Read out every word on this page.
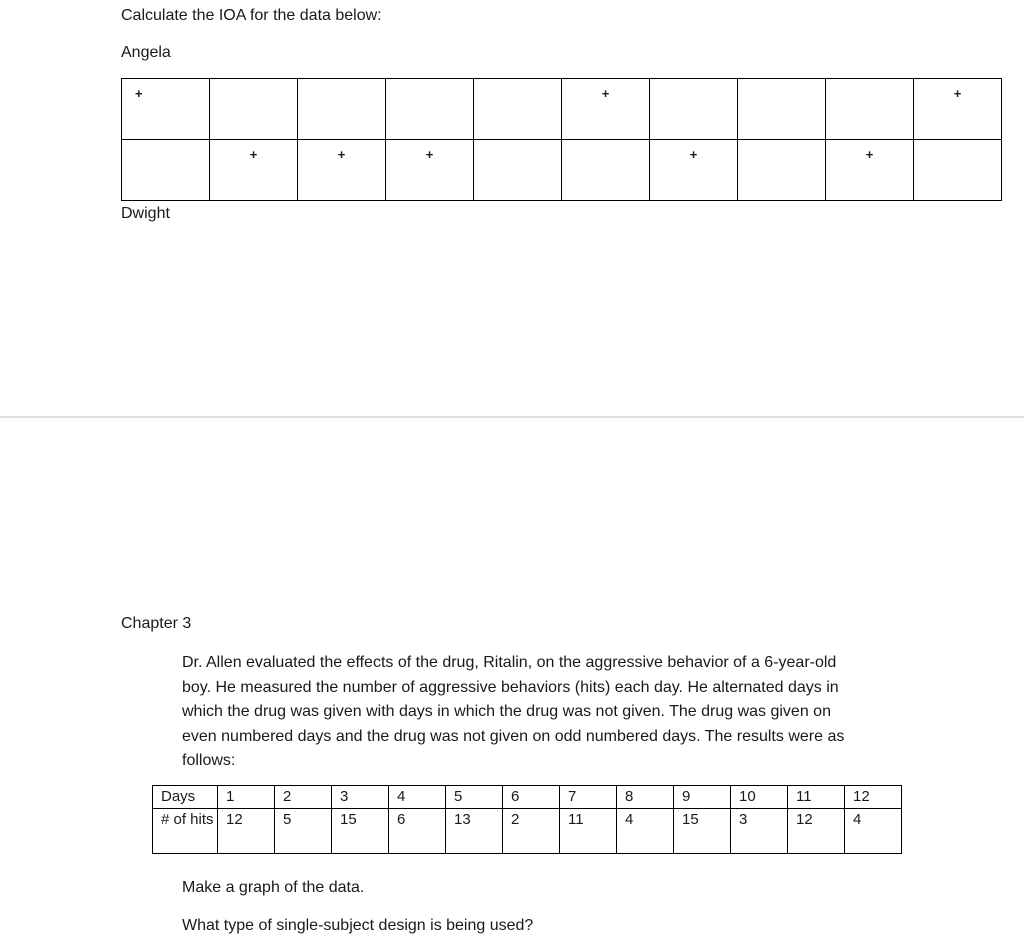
Calculate the IOA for the data below:
Angela
+					+				+

	+	+	+			+		+	

Dwight
Chapter 3
Dr. Allen evaluated the effects of the drug, Ritalin, on the aggressive behavior of a 6-year-old
boy. He measured the number of aggressive behaviors (hits) each day. He alternated days in
which the drug was given with days in which the drug was not given. The drug was given on
even numbered days and the drug was not given on odd numbered days. The results were as
follows:
Days	1	2	3	4	5	6	7	8	9	10	11	12
# of hits	12	5	15	6	13	2	11	4	15	3	12	4
Make a graph of the data.
What type of single-subject design is being used?
